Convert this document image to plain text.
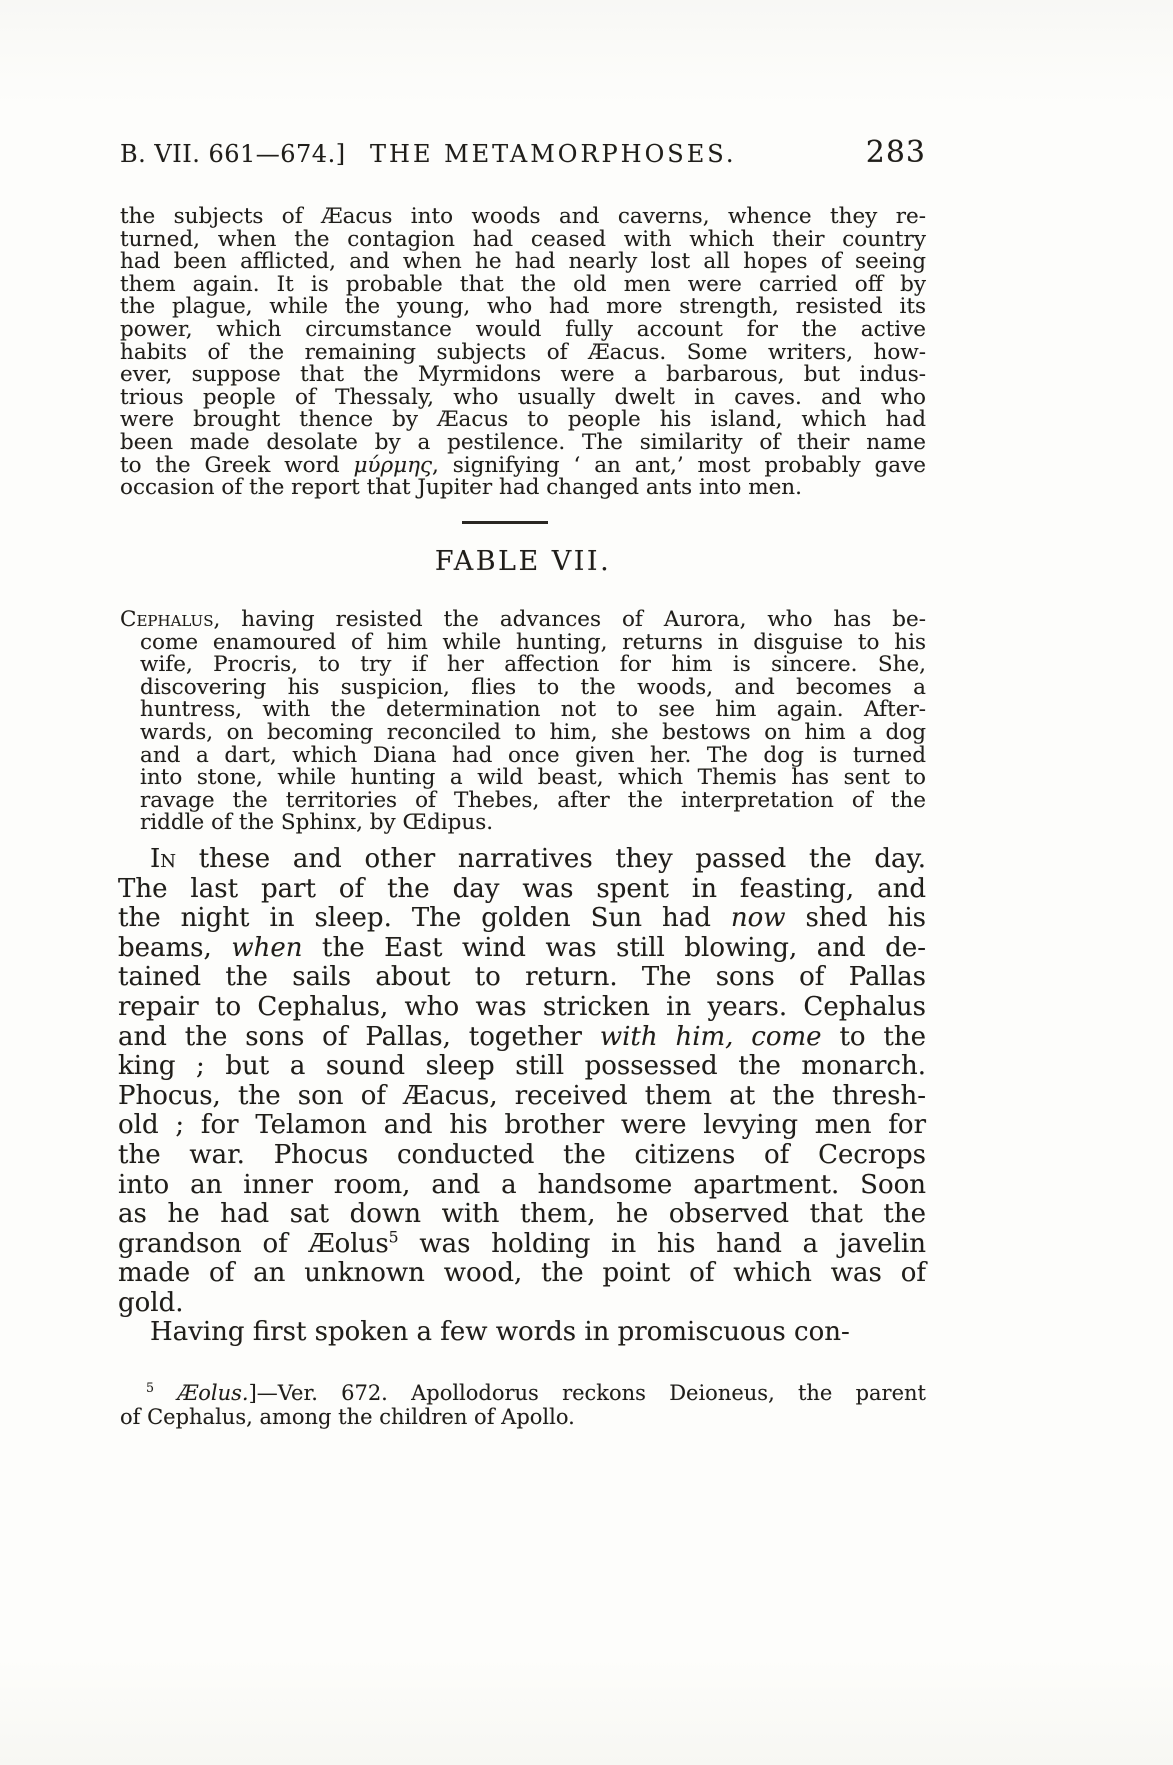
B. VII. 661—674.] THE METAMORPHOSES.	283
the subjects of Æacus into woods and caverns, whence they re-
turned, when the contagion had ceased with which their country
had been afflicted, and when he had nearly lost all hopes of seeing
them again. It is probable that the old men were carried off by
the plague, while the young, who had more strength, resisted its
power, which circumstance would fully account for the active
habits of the remaining subjects of Æacus. Some writers, how-
ever, suppose that the Myrmidons were a barbarous, but indus-
trious people of Thessaly, who usually dwelt in caves. and who
were brought thence by Æacus to people his island, which had
been made desolate by a pestilence. The similarity of their name
to the Greek word μύρμης, signifying ‘ an ant,’ most probably gave
occasion of the report that Jupiter had changed ants into men.
FABLE VII.
Cephalus, having resisted the advances of Aurora, who has be-
come enamoured of him while hunting, returns in disguise to his
wife, Procris, to try if her affection for him is sincere. She,
discovering his suspicion, flies to the woods, and becomes a
huntress, with the determination not to see him again. After-
wards, on becoming reconciled to him, she bestows on him a dog
and a dart, which Diana had once given her. The dog is turned
into stone, while hunting a wild beast, which Themis has sent to
ravage the territories of Thebes, after the interpretation of the
riddle of the Sphinx, by Œdipus.
In these and other narratives they passed the day.
The last part of the day was spent in feasting, and
the night in sleep. The golden Sun had now shed his
beams, when the East wind was still blowing, and de-
tained the sails about to return. The sons of Pallas
repair to Cephalus, who was stricken in years. Cephalus
and the sons of Pallas, together with him, come to the
king ; but a sound sleep still possessed the monarch.
Phocus, the son of Æacus, received them at the thresh-
old ; for Telamon and his brother were levying men for
the war. Phocus conducted the citizens of Cecrops
into an inner room, and a handsome apartment. Soon
as he had sat down with them, he observed that the
grandson of Æolus$^5$ was holding in his hand a javelin
made of an unknown wood, the point of which was of
gold.
Having first spoken a few words in promiscuous con-
$^5$ Æolus.]—Ver. 672. Apollodorus reckons Deioneus, the parent
of Cephalus, among the children of Apollo.
